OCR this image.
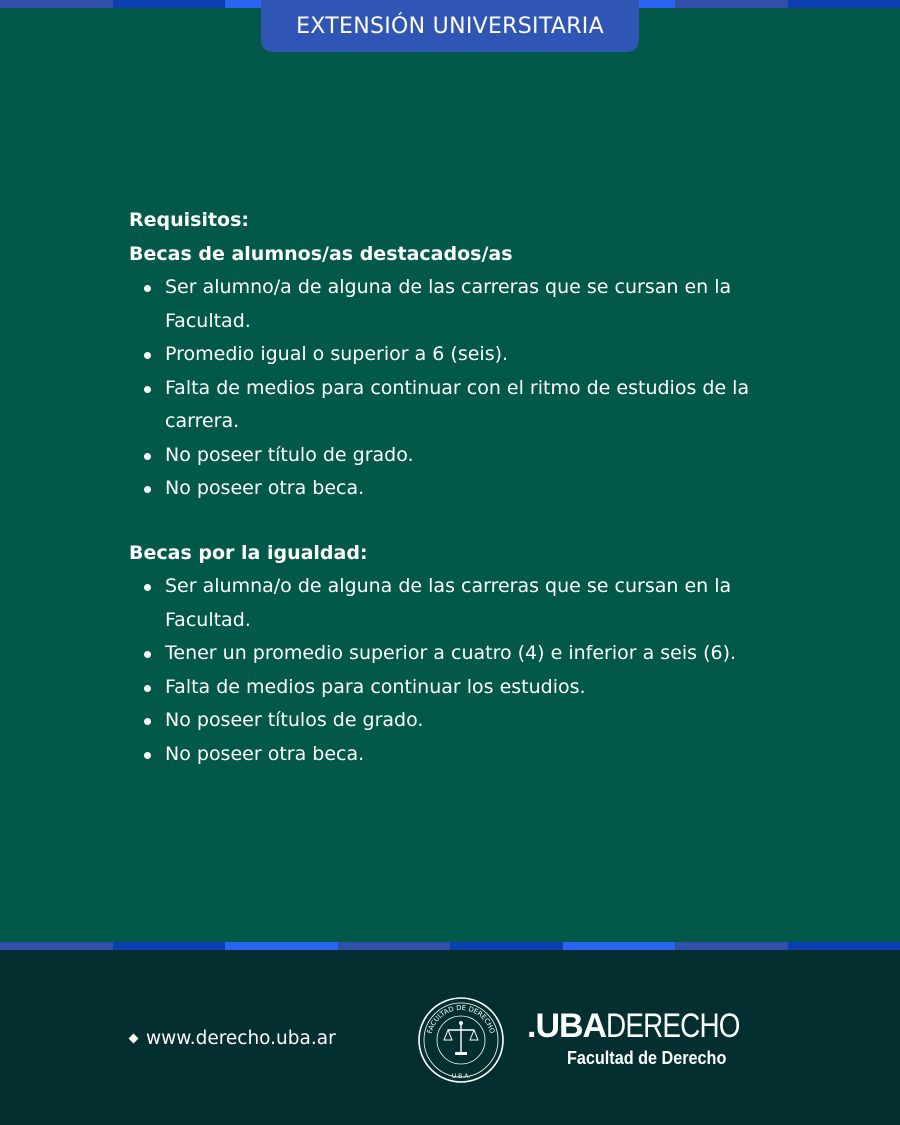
EXTENSIÓN UNIVERSITARIA

Requisitos:

Becas de alumnos/as destacados/as

Ser alumno/a de alguna de las carreras que se cursan en la Facultad.
Promedio igual o superior a 6 (seis).
Falta de medios para continuar con el ritmo de estudios de la carrera.
No poseer título de grado.
No poseer otra beca.

Becas por la igualdad:

Ser alumna/o de alguna de las carreras que se cursan en la Facultad.
Tener un promedio superior a cuatro (4) e inferior a seis (6).
Falta de medios para continuar los estudios.
No poseer títulos de grado.
No poseer otra beca.
www.derecho.uba.ar	FACULTAD DE DERECHO
U.B.A.
.UBADERECHO
Facultad de Derecho
